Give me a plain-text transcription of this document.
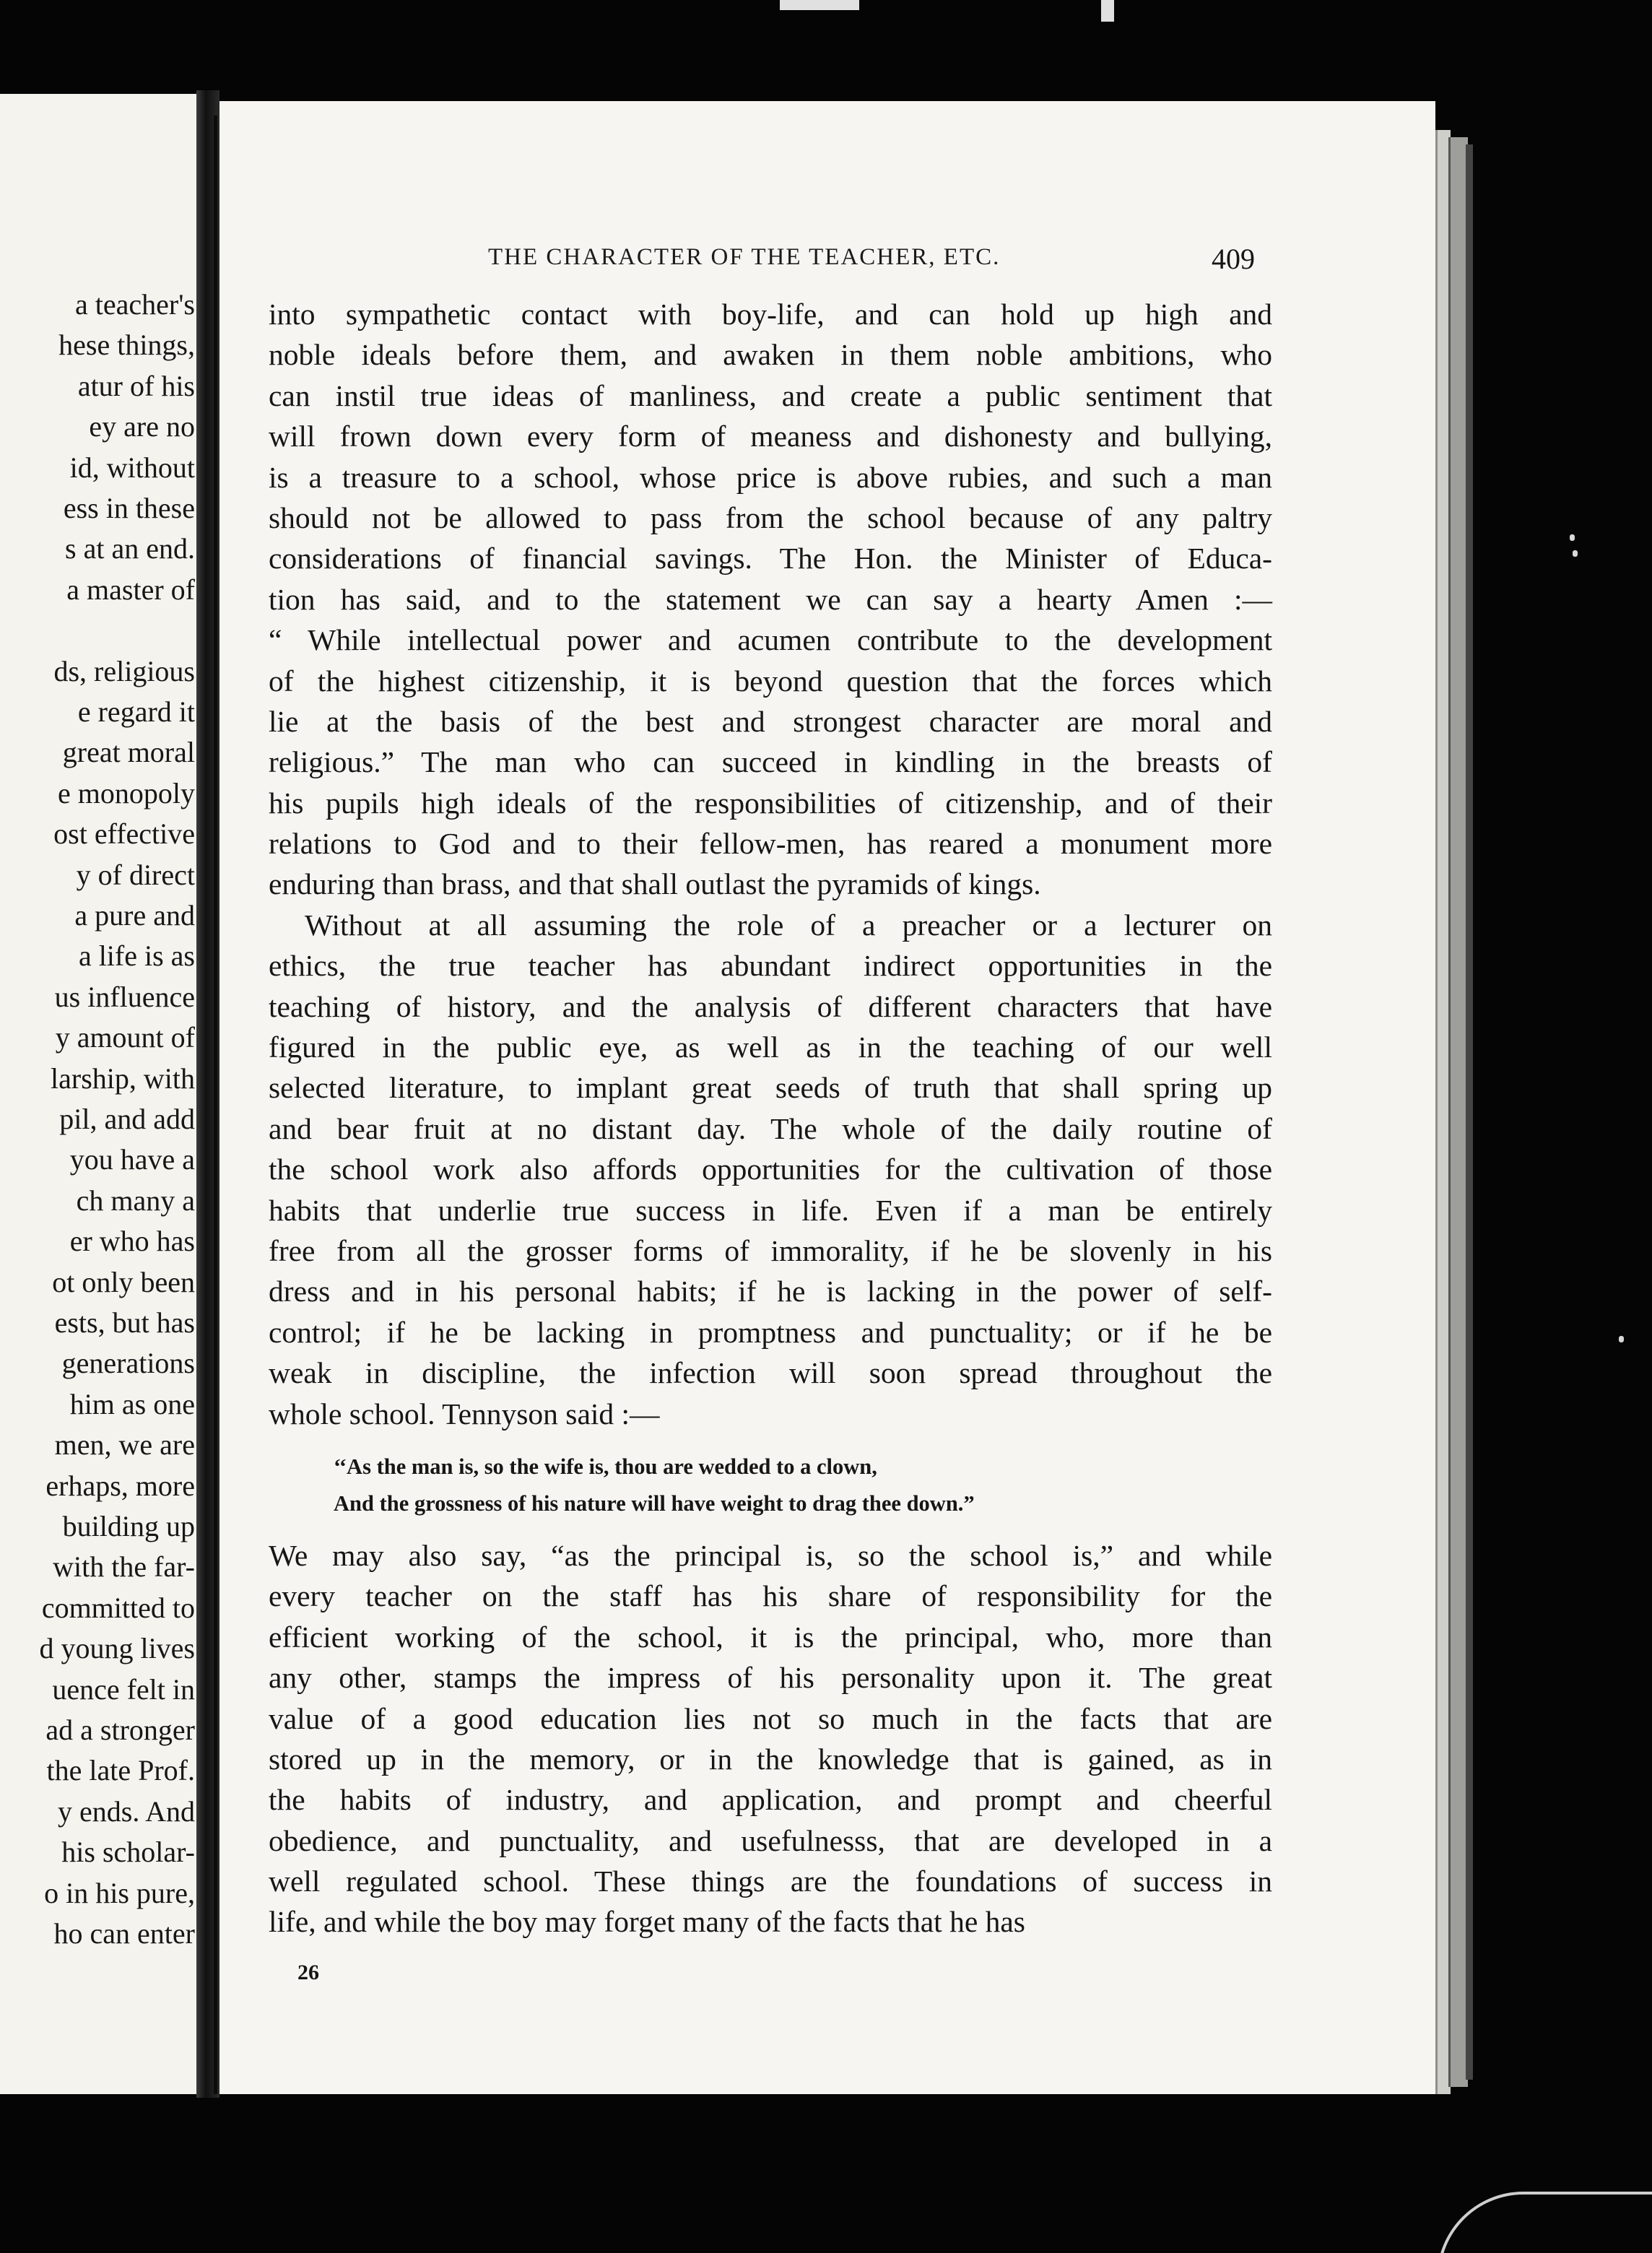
a teacher's
hese things,
atur of his
ey are no
id, without
ess in these
s at an end.
a master of
ds, religious
e regard it
great moral
e monopoly
ost effective
y of direct
a pure and
a life is as
us influence
y amount of
larship, with
pil, and add
you have a
ch many a
er who has
ot only been
ests, but has
generations
him as one
men, we are
erhaps, more
building up
with the far-
committed to
d young lives
uence felt in
ad a stronger
the late Prof.
y ends. And
his scholar-
o in his pure,
ho can enter
THE CHARACTER OF THE TEACHER, ETC.	409
into sympathetic contact with boy-life, and can hold up high and
noble ideals before them, and awaken in them noble ambitions, who
can instil true ideas of manliness, and create a public sentiment that
will frown down every form of meaness and dishonesty and bullying,
is a treasure to a school, whose price is above rubies, and such a man
should not be allowed to pass from the school because of any paltry
considerations of financial savings. The Hon. the Minister of Educa-
tion has said, and to the statement we can say a hearty Amen :—
“ While intellectual power and acumen contribute to the development
of the highest citizenship, it is beyond question that the forces which
lie at the basis of the best and strongest character are moral and
religious.” The man who can succeed in kindling in the breasts of
his pupils high ideals of the responsibilities of citizenship, and of their
relations to God and to their fellow-men, has reared a monument more
enduring than brass, and that shall outlast the pyramids of kings.
Without at all assuming the role of a preacher or a lecturer on
ethics, the true teacher has abundant indirect opportunities in the
teaching of history, and the analysis of different characters that have
figured in the public eye, as well as in the teaching of our well
selected literature, to implant great seeds of truth that shall spring up
and bear fruit at no distant day. The whole of the daily routine of
the school work also affords opportunities for the cultivation of those
habits that underlie true success in life. Even if a man be entirely
free from all the grosser forms of immorality, if he be slovenly in his
dress and in his personal habits; if he is lacking in the power of self-
control; if he be lacking in promptness and punctuality; or if he be
weak in discipline, the infection will soon spread throughout the
whole school. Tennyson said :—
‘‘As the man is, so the wife is, thou are wedded to a clown,
And the grossness of his nature will have weight to drag thee down.”
We may also say, “as the principal is, so the school is,” and while
every teacher on the staff has his share of responsibility for the
efficient working of the school, it is the principal, who, more than
any other, stamps the impress of his personality upon it. The great
value of a good education lies not so much in the facts that are
stored up in the memory, or in the knowledge that is gained, as in
the habits of industry, and application, and prompt and cheerful
obedience, and punctuality, and usefulnesss, that are developed in a
well regulated school. These things are the foundations of success in
life, and while the boy may forget many of the facts that he has
26
